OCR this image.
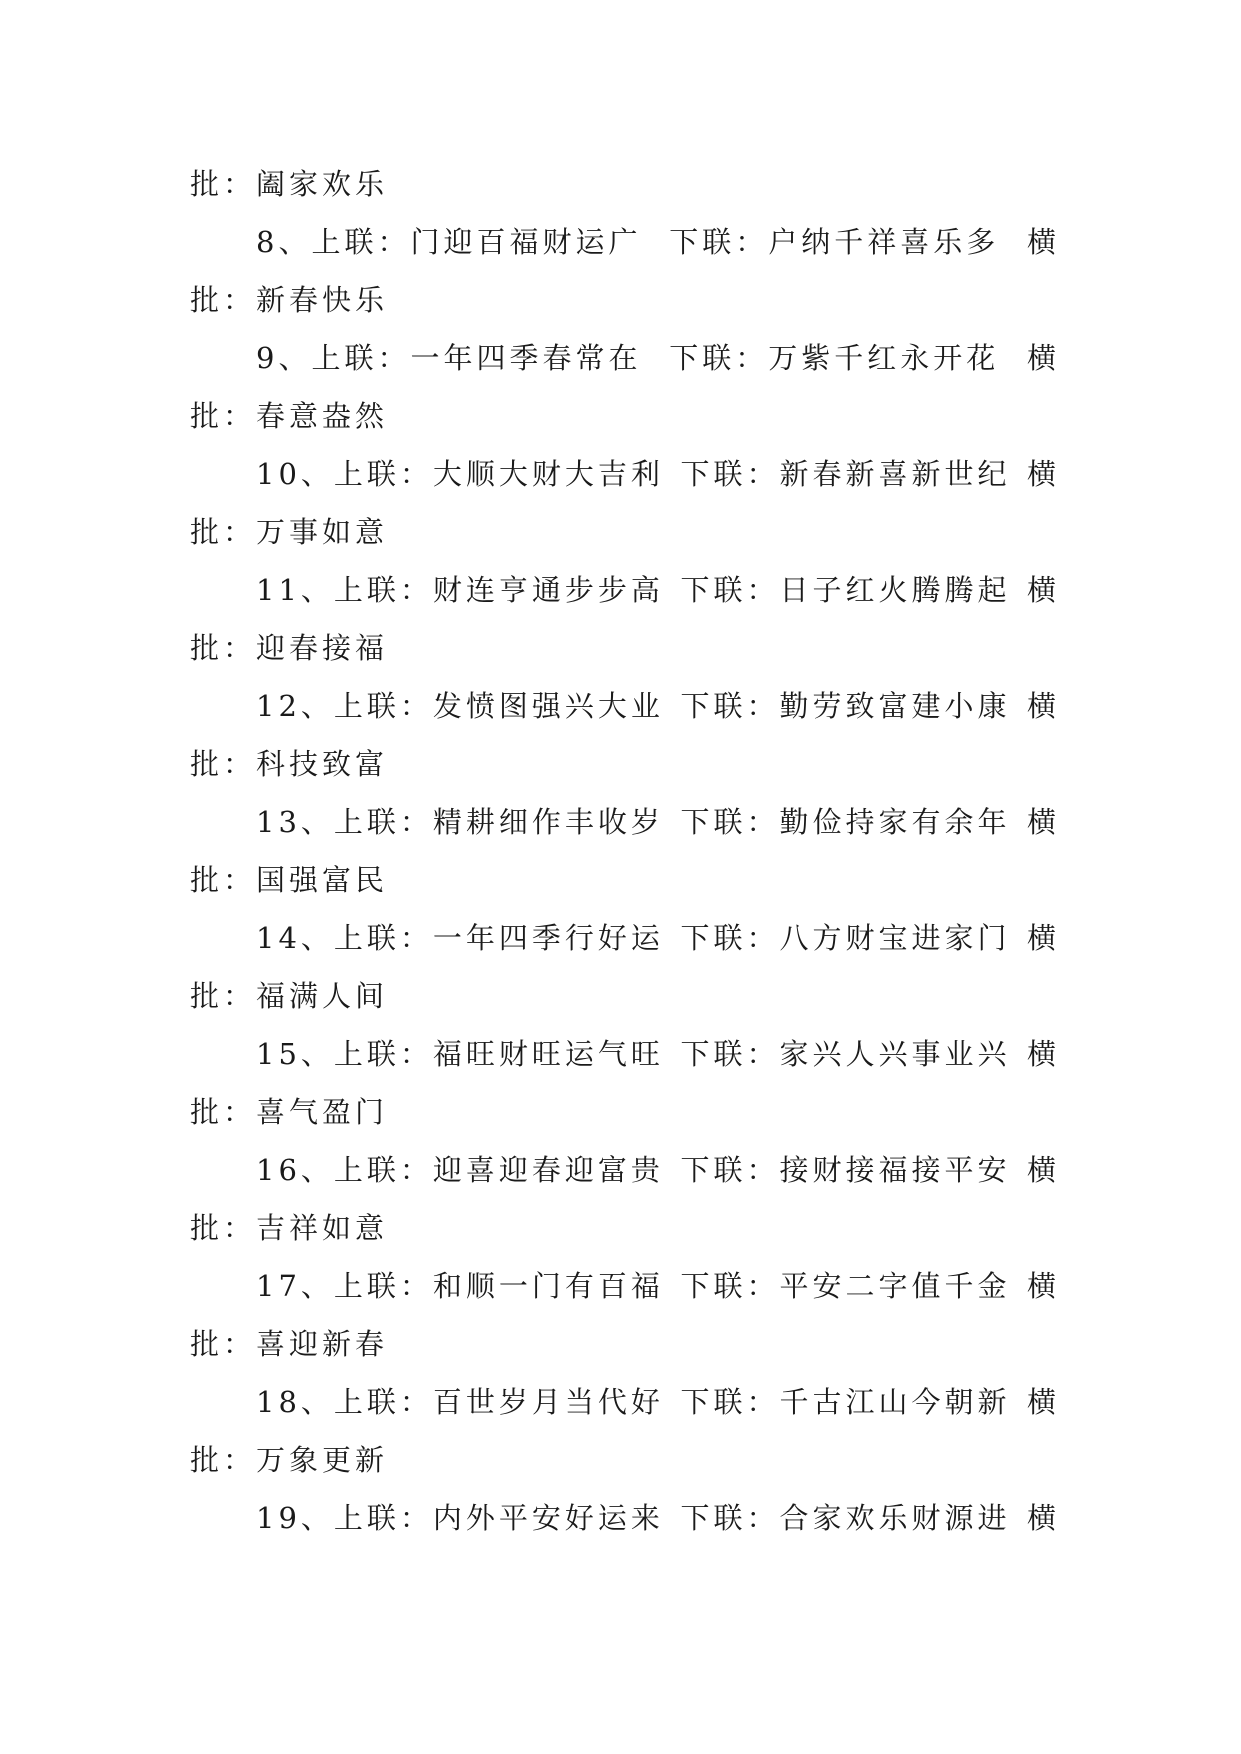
批：阖家欢乐
8、上联：门迎百福财运广 下联：户纳千祥喜乐多 横
批：新春快乐
9、上联：一年四季春常在 下联：万紫千红永开花 横
批：春意盎然
10、上联：大顺大财大吉利 下联：新春新喜新世纪 横
批：万事如意
11、上联：财连亨通步步高 下联：日子红火腾腾起 横
批：迎春接福
12、上联：发愤图强兴大业 下联：勤劳致富建小康 横
批：科技致富
13、上联：精耕细作丰收岁 下联：勤俭持家有余年 横
批：国强富民
14、上联：一年四季行好运 下联：八方财宝进家门 横
批：福满人间
15、上联：福旺财旺运气旺 下联：家兴人兴事业兴 横
批：喜气盈门
16、上联：迎喜迎春迎富贵 下联：接财接福接平安 横
批：吉祥如意
17、上联：和顺一门有百福 下联：平安二字值千金 横
批：喜迎新春
18、上联：百世岁月当代好 下联：千古江山今朝新 横
批：万象更新
19、上联：内外平安好运来 下联：合家欢乐财源进 横
